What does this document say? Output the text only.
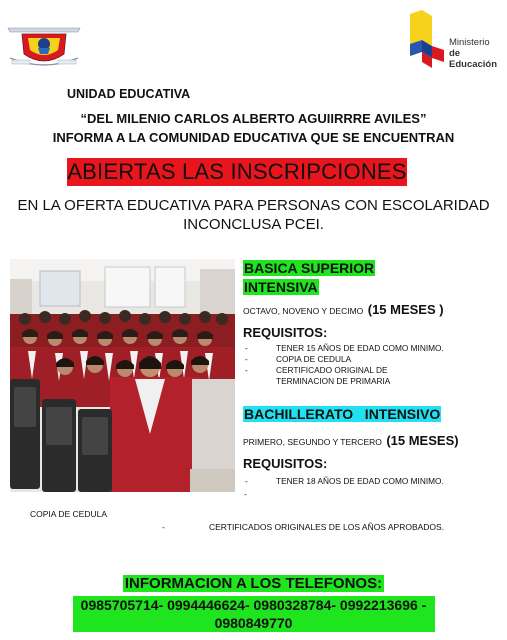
Ministerio
de Educación
UNIDAD EDUCATIVA
“DEL MILENIO CARLOS ALBERTO AGUIIRRRE AVILES”
INFORMA A LA COMUNIDAD EDUCATIVA QUE SE ENCUENTRAN
ABIERTAS LAS INSCRIPCIONES
EN LA OFERTA EDUCATIVA PARA PERSONAS CON ESCOLARIDAD INCONCLUSA PCEI.
BASICA SUPERIOR
INTENSIVA
OCTAVO, NOVENO Y DECIMO (15 MESES )
REQUISITOS:
-	TENER 15 AÑOS DE EDAD COMO MINIMO.
-	COPIA DE CEDULA
-	CERTIFICADO ORIGINAL DE TERMINACION DE PRIMARIA
BACHILLERATO   INTENSIVO
PRIMERO, SEGUNDO Y TERCERO (15 MESES)
REQUISITOS:
-	TENER 18 AÑOS DE EDAD COMO MINIMO.
-
COPIA DE CEDULA
-	CERTIFICADOS ORIGINALES DE LOS AÑOS APROBADOS.
INFORMACION A LOS TELEFONOS:
0985705714- 0994446624- 0980328784- 0992213696 - 0980849770
